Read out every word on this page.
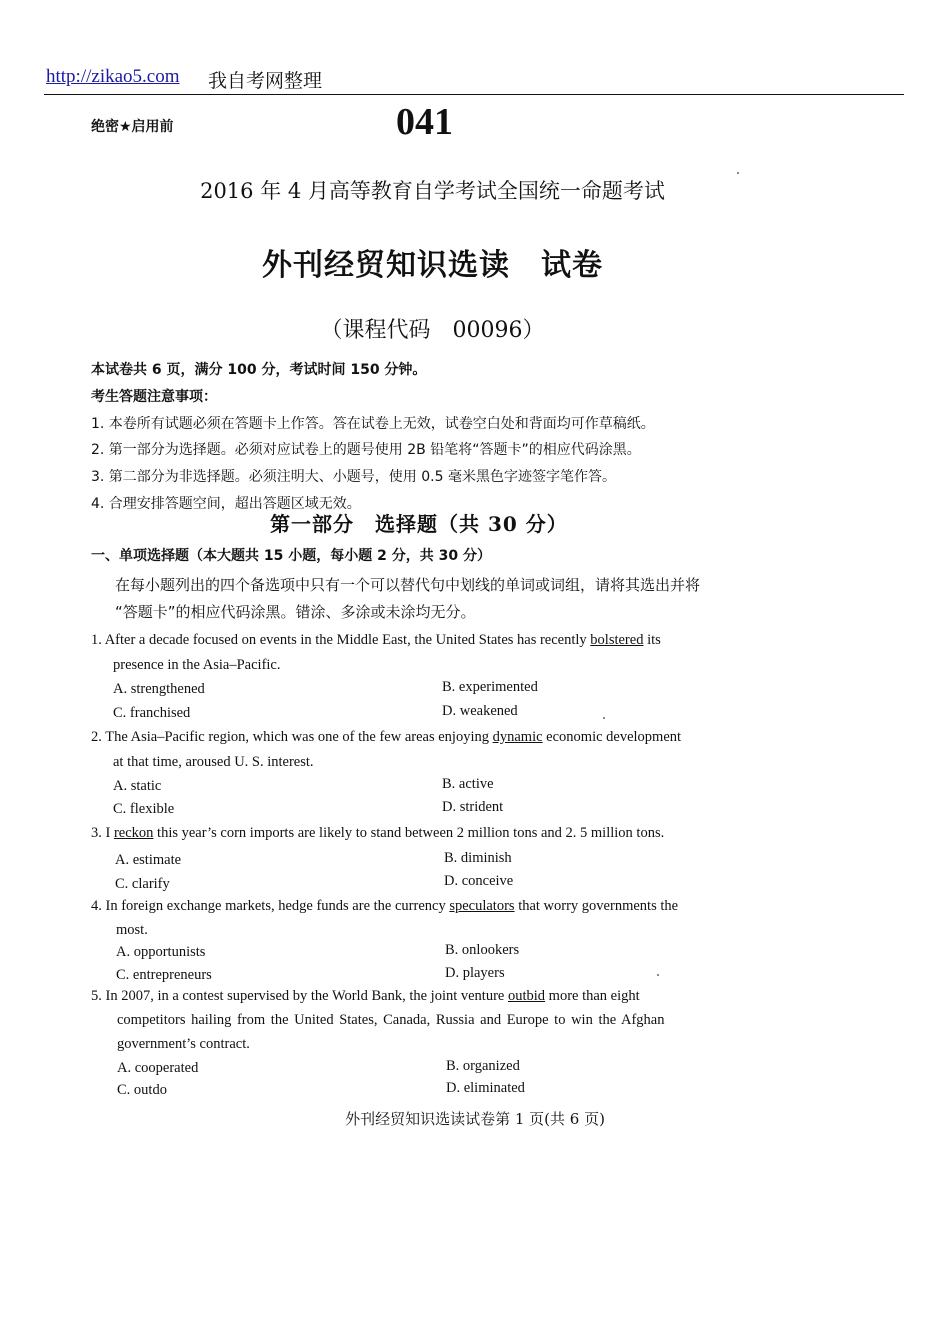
http://zikao5.com 我自考网整理
绝密★启用前	041
2016 年 4 月高等教育自学考试全国统一命题考试
外刊经贸知识选读　试卷
（课程代码　00096）
本试卷共 6 页，满分 100 分，考试时间 150 分钟。
考生答题注意事项：
1. 本卷所有试题必须在答题卡上作答。答在试卷上无效，试卷空白处和背面均可作草稿纸。
2. 第一部分为选择题。必须对应试卷上的题号使用 2B 铅笔将“答题卡”的相应代码涂黑。
3. 第二部分为非选择题。必须注明大、小题号，使用 0.5 毫米黑色字迹签字笔作答。
4. 合理安排答题空间，超出答题区域无效。
第一部分　选择题（共 30 分）
一、单项选择题（本大题共 15 小题，每小题 2 分，共 30 分）
在每小题列出的四个备选项中只有一个可以替代句中划线的单词或词组，请将其选出并将
“答题卡”的相应代码涂黑。错涂、多涂或未涂均无分。
1. After a decade focused on events in the Middle East, the United States has recently bolstered its
presence in the Asia–Pacific.
A. strengthened	B. experimented
C. franchised	D. weakened
2. The Asia–Pacific region, which was one of the few areas enjoying dynamic economic development
at that time, aroused U. S. interest.
A. static	B. active
C. flexible	D. strident
3. I reckon this year’s corn imports are likely to stand between 2 million tons and 2. 5 million tons.
A. estimate	B. diminish
C. clarify	D. conceive
4. In foreign exchange markets, hedge funds are the currency speculators that worry governments the
most.
A. opportunists	B. onlookers
C. entrepreneurs	D. players
5. In 2007, in a contest supervised by the World Bank, the joint venture outbid more than eight
competitors hailing from the United States, Canada, Russia and Europe to win the Afghan
government’s contract.
A. cooperated	B. organized
C. outdo	D. eliminated
外刊经贸知识选读试卷第 1 页(共 6 页)
